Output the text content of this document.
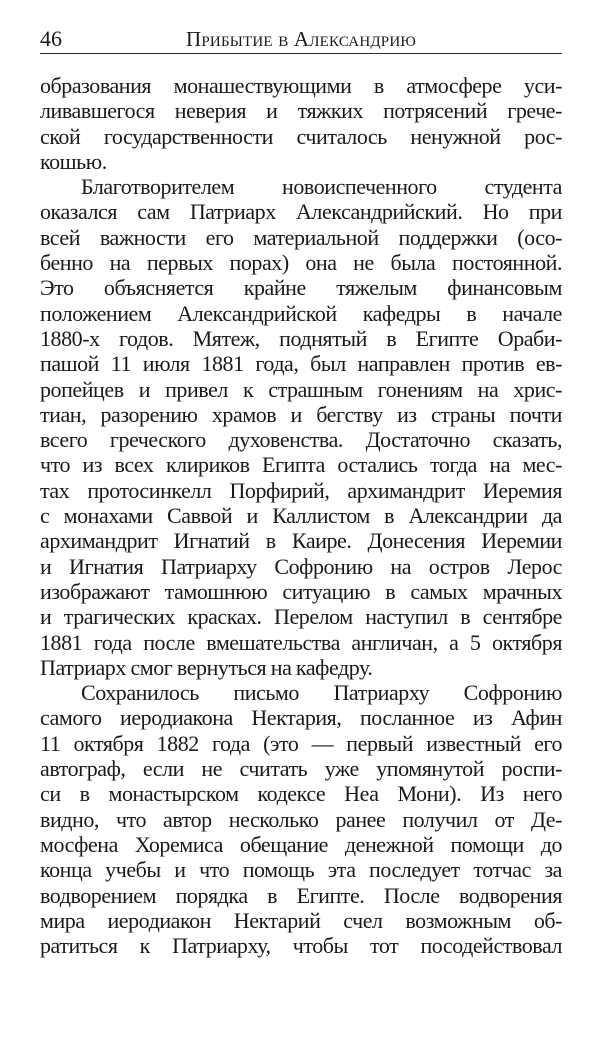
46	Прибытие в Александрию
образования монашествующими в атмосфере уси-
ливавшегося неверия и тяжких потрясений грече-
ской государственности считалось ненужной рос-
кошью.
Благотворителем новоиспеченного студента
оказался сам Патриарх Александрийский. Но при
всей важности его материальной поддержки (осо-
бенно на первых порах) она не была постоянной.
Это объясняется крайне тяжелым финансовым
положением Александрийской кафедры в начале
1880-х годов. Мятеж, поднятый в Египте Ораби-
пашой 11 июля 1881 года, был направлен против ев-
ропейцев и привел к страшным гонениям на хрис-
тиан, разорению храмов и бегству из страны почти
всего греческого духовенства. Достаточно сказать,
что из всех клириков Египта остались тогда на мес-
тах протосинкелл Порфирий, архимандрит Иеремия
с монахами Саввой и Каллистом в Александрии да
архимандрит Игнатий в Каире. Донесения Иеремии
и Игнатия Патриарху Софронию на остров Лерос
изображают тамошнюю ситуацию в самых мрачных
и трагических красках. Перелом наступил в сентябре
1881 года после вмешательства англичан, а 5 октября
Патриарх смог вернуться на кафедру.
Сохранилось письмо Патриарху Софронию
самого иеродиакона Нектария, посланное из Афин
11 октября 1882 года (это — первый известный его
автограф, если не считать уже упомянутой роспи-
си в монастырском кодексе Неа Мони). Из него
видно, что автор несколько ранее получил от Де-
мосфена Хоремиса обещание денежной помощи до
конца учебы и что помощь эта последует тотчас за
водворением порядка в Египте. После водворения
мира иеродиакон Нектарий счел возможным об-
ратиться к Патриарху, чтобы тот посодействовал
